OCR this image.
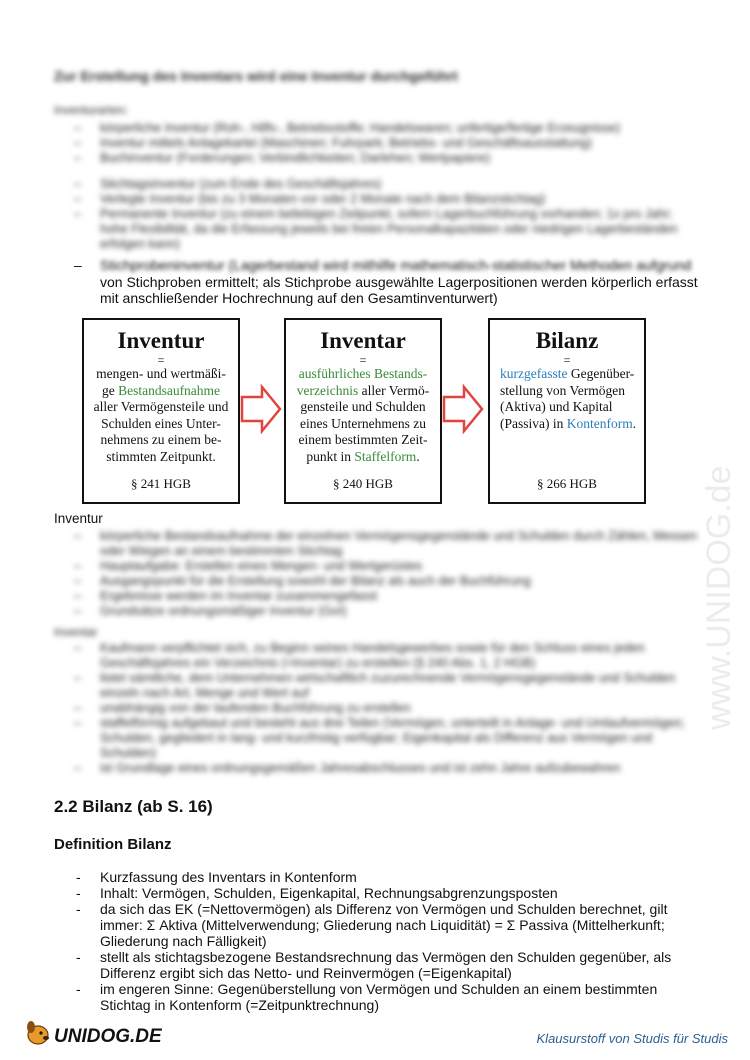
Zur Erstellung des Inventars wird eine Inventur durchgeführt
Inventurarten:
– körperliche Inventur (Roh-, Hilfs-, Betriebsstoffe; Handelswaren; unfertige/fertige Erzeugnisse)
– Inventur mittels Anlagekartei (Maschinen; Fuhrpark; Betriebs- und Geschäftsausstattung)
– Buchinventur (Forderungen; Verbindlichkeiten; Darlehen; Wertpapiere)
– Stichtagsinventur (zum Ende des Geschäftsjahres)
– Verlegte Inventur (bis zu 3 Monaten vor oder 2 Monate nach dem Bilanzstichtag)
– Permanente Inventur (zu einem beliebigen Zeitpunkt, sofern Lagerbuchführung vorhanden; 1x pro Jahr; hohe Flexibilität, da die Erfassung jeweils bei freien Personalkapazitäten oder niedrigen Lagerbeständen erfolgen kann)
–	Stichprobeninventur (Lagerbestand wird mithilfe mathematisch-statistischer Methoden aufgrund
von Stichproben ermittelt; als Stichprobe ausgewählte Lagerpositionen werden körperlich erfasst
mit anschließender Hochrechnung auf den Gesamtinventurwert)
Inventur
=
mengen- und wertmäßi-
ge Bestandsaufnahme
aller Vermögensteile und
Schulden eines Unter-
nehmens zu einem be-
stimmten Zeitpunkt.
§ 241 HGB
Inventar
=
ausführliches Bestands-
verzeichnis aller Vermö-
gensteile und Schulden
eines Unternehmens zu
einem bestimmten Zeit-
punkt in Staffelform.
§ 240 HGB
Bilanz
=
kurzgefasste Gegenüber-
stellung von Vermögen
(Aktiva) und Kapital
(Passiva) in Kontenform.
§ 266 HGB
Inventur
– körperliche Bestandsaufnahme der einzelnen Vermögensgegenstände und Schulden durch Zählen, Messen oder Wiegen an einem bestimmten Stichtag
– Hauptaufgabe: Erstellen eines Mengen- und Wertgerüstes
– Ausgangspunkt für die Erstellung sowohl der Bilanz als auch der Buchführung
– Ergebnisse werden im Inventar zusammengefasst
– Grundsätze ordnungsmäßiger Inventur (GoI)
Inventar
– Kaufmann verpflichtet sich, zu Beginn seines Handelsgewerbes sowie für den Schluss eines jeden Geschäftsjahres ein Verzeichnis (=Inventar) zu erstellen (§ 240 Abs. 1, 2 HGB)
– listet sämtliche, dem Unternehmen wirtschaftlich zuzurechnende Vermögensgegenstände und Schulden einzeln nach Art, Menge und Wert auf
– unabhängig von der laufenden Buchführung zu erstellen
– staffelförmig aufgebaut und besteht aus drei Teilen (Vermögen, unterteilt in Anlage- und Umlaufvermögen; Schulden, gegliedert in lang- und kurzfristig verfügbar; Eigenkapital als Differenz aus Vermögen und Schulden)
– ist Grundlage eines ordnungsgemäßen Jahresabschlusses und ist zehn Jahre aufzubewahren
2.2 Bilanz (ab S. 16)
Definition Bilanz
- Kurzfassung des Inventars in Kontenform
- Inhalt: Vermögen, Schulden, Eigenkapital, Rechnungsabgrenzungsposten
- da sich das EK (=Nettovermögen) als Differenz von Vermögen und Schulden berechnet, gilt immer: Σ Aktiva (Mittelverwendung; Gliederung nach Liquidität) = Σ Passiva (Mittelherkunft; Gliederung nach Fälligkeit)
- stellt als stichtagsbezogene Bestandsrechnung das Vermögen den Schulden gegenüber, als Differenz ergibt sich das Netto- und Reinvermögen (=Eigenkapital)
- im engeren Sinne: Gegenüberstellung von Vermögen und Schulden an einem bestimmten Stichtag in Kontenform (=Zeitpunktrechnung)
www.UNIDOG.de
UNIDOG.DE	Klausurstoff von Studis für Studis
